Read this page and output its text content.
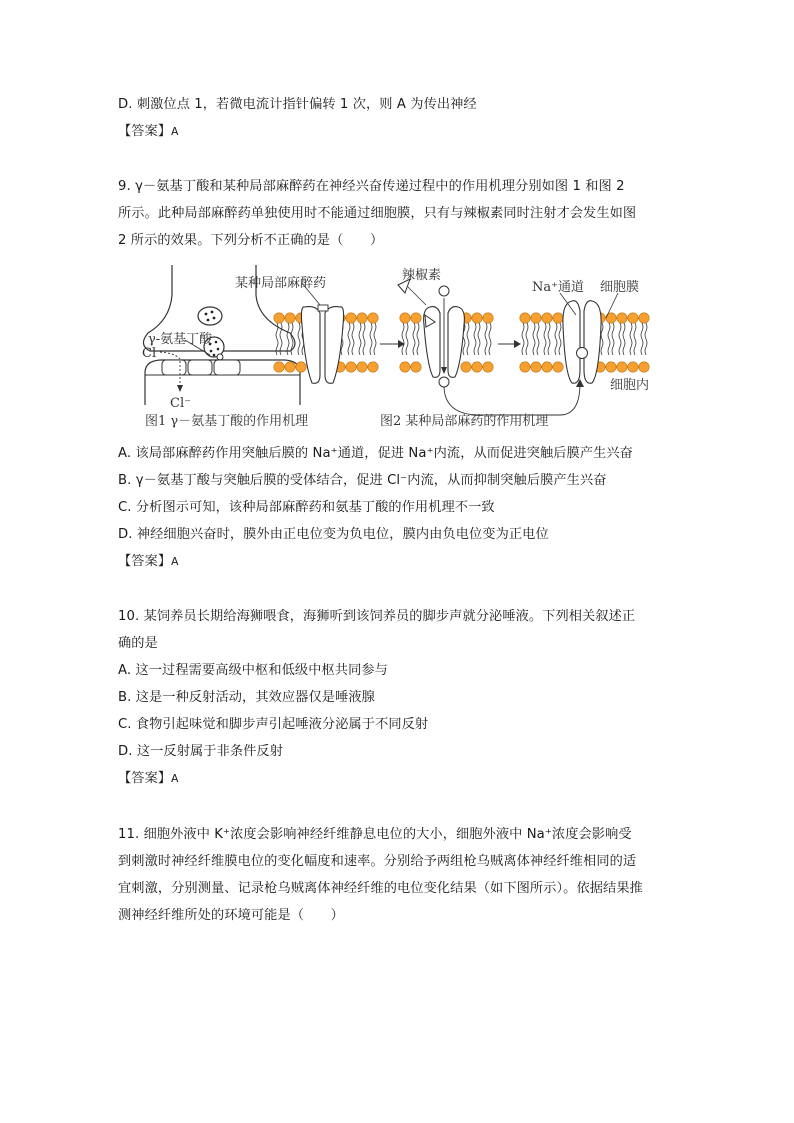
D. 刺激位点 1，若微电流计指针偏转 1 次，则 A 为传出神经
【答案】A
9. γ－氨基丁酸和某种局部麻醉药在神经兴奋传递过程中的作用机理分别如图 1 和图 2
所示。此种局部麻醉药单独使用时不能通过细胞膜，只有与辣椒素同时注射才会发生如图
2 所示的效果。下列分析不正确的是（　　）
γ-氨基丁酸
Cl⁻
Cl⁻
图1 γ－氨基丁酸的作用机理
某种局部麻醉药
辣椒素
Na⁺通道 细胞膜
细胞内
图2 某种局部麻药的作用机理
A. 该局部麻醉药作用突触后膜的 Na⁺通道，促进 Na⁺内流，从而促进突触后膜产生兴奋
B. γ－氨基丁酸与突触后膜的受体结合，促进 Cl⁻内流，从而抑制突触后膜产生兴奋
C. 分析图示可知，该种局部麻醉药和氨基丁酸的作用机理不一致
D. 神经细胞兴奋时，膜外由正电位变为负电位，膜内由负电位变为正电位
【答案】A
10. 某饲养员长期给海狮喂食，海狮听到该饲养员的脚步声就分泌唾液。下列相关叙述正
确的是
A. 这一过程需要高级中枢和低级中枢共同参与
B. 这是一种反射活动，其效应器仅是唾液腺
C. 食物引起味觉和脚步声引起唾液分泌属于不同反射
D. 这一反射属于非条件反射
【答案】A
11. 细胞外液中 K⁺浓度会影响神经纤维静息电位的大小，细胞外液中 Na⁺浓度会影响受
到刺激时神经纤维膜电位的变化幅度和速率。分别给予两组枪乌贼离体神经纤维相同的适
宜刺激，分别测量、记录枪乌贼离体神经纤维的电位变化结果（如下图所示）。依据结果推
测神经纤维所处的环境可能是（　　）
